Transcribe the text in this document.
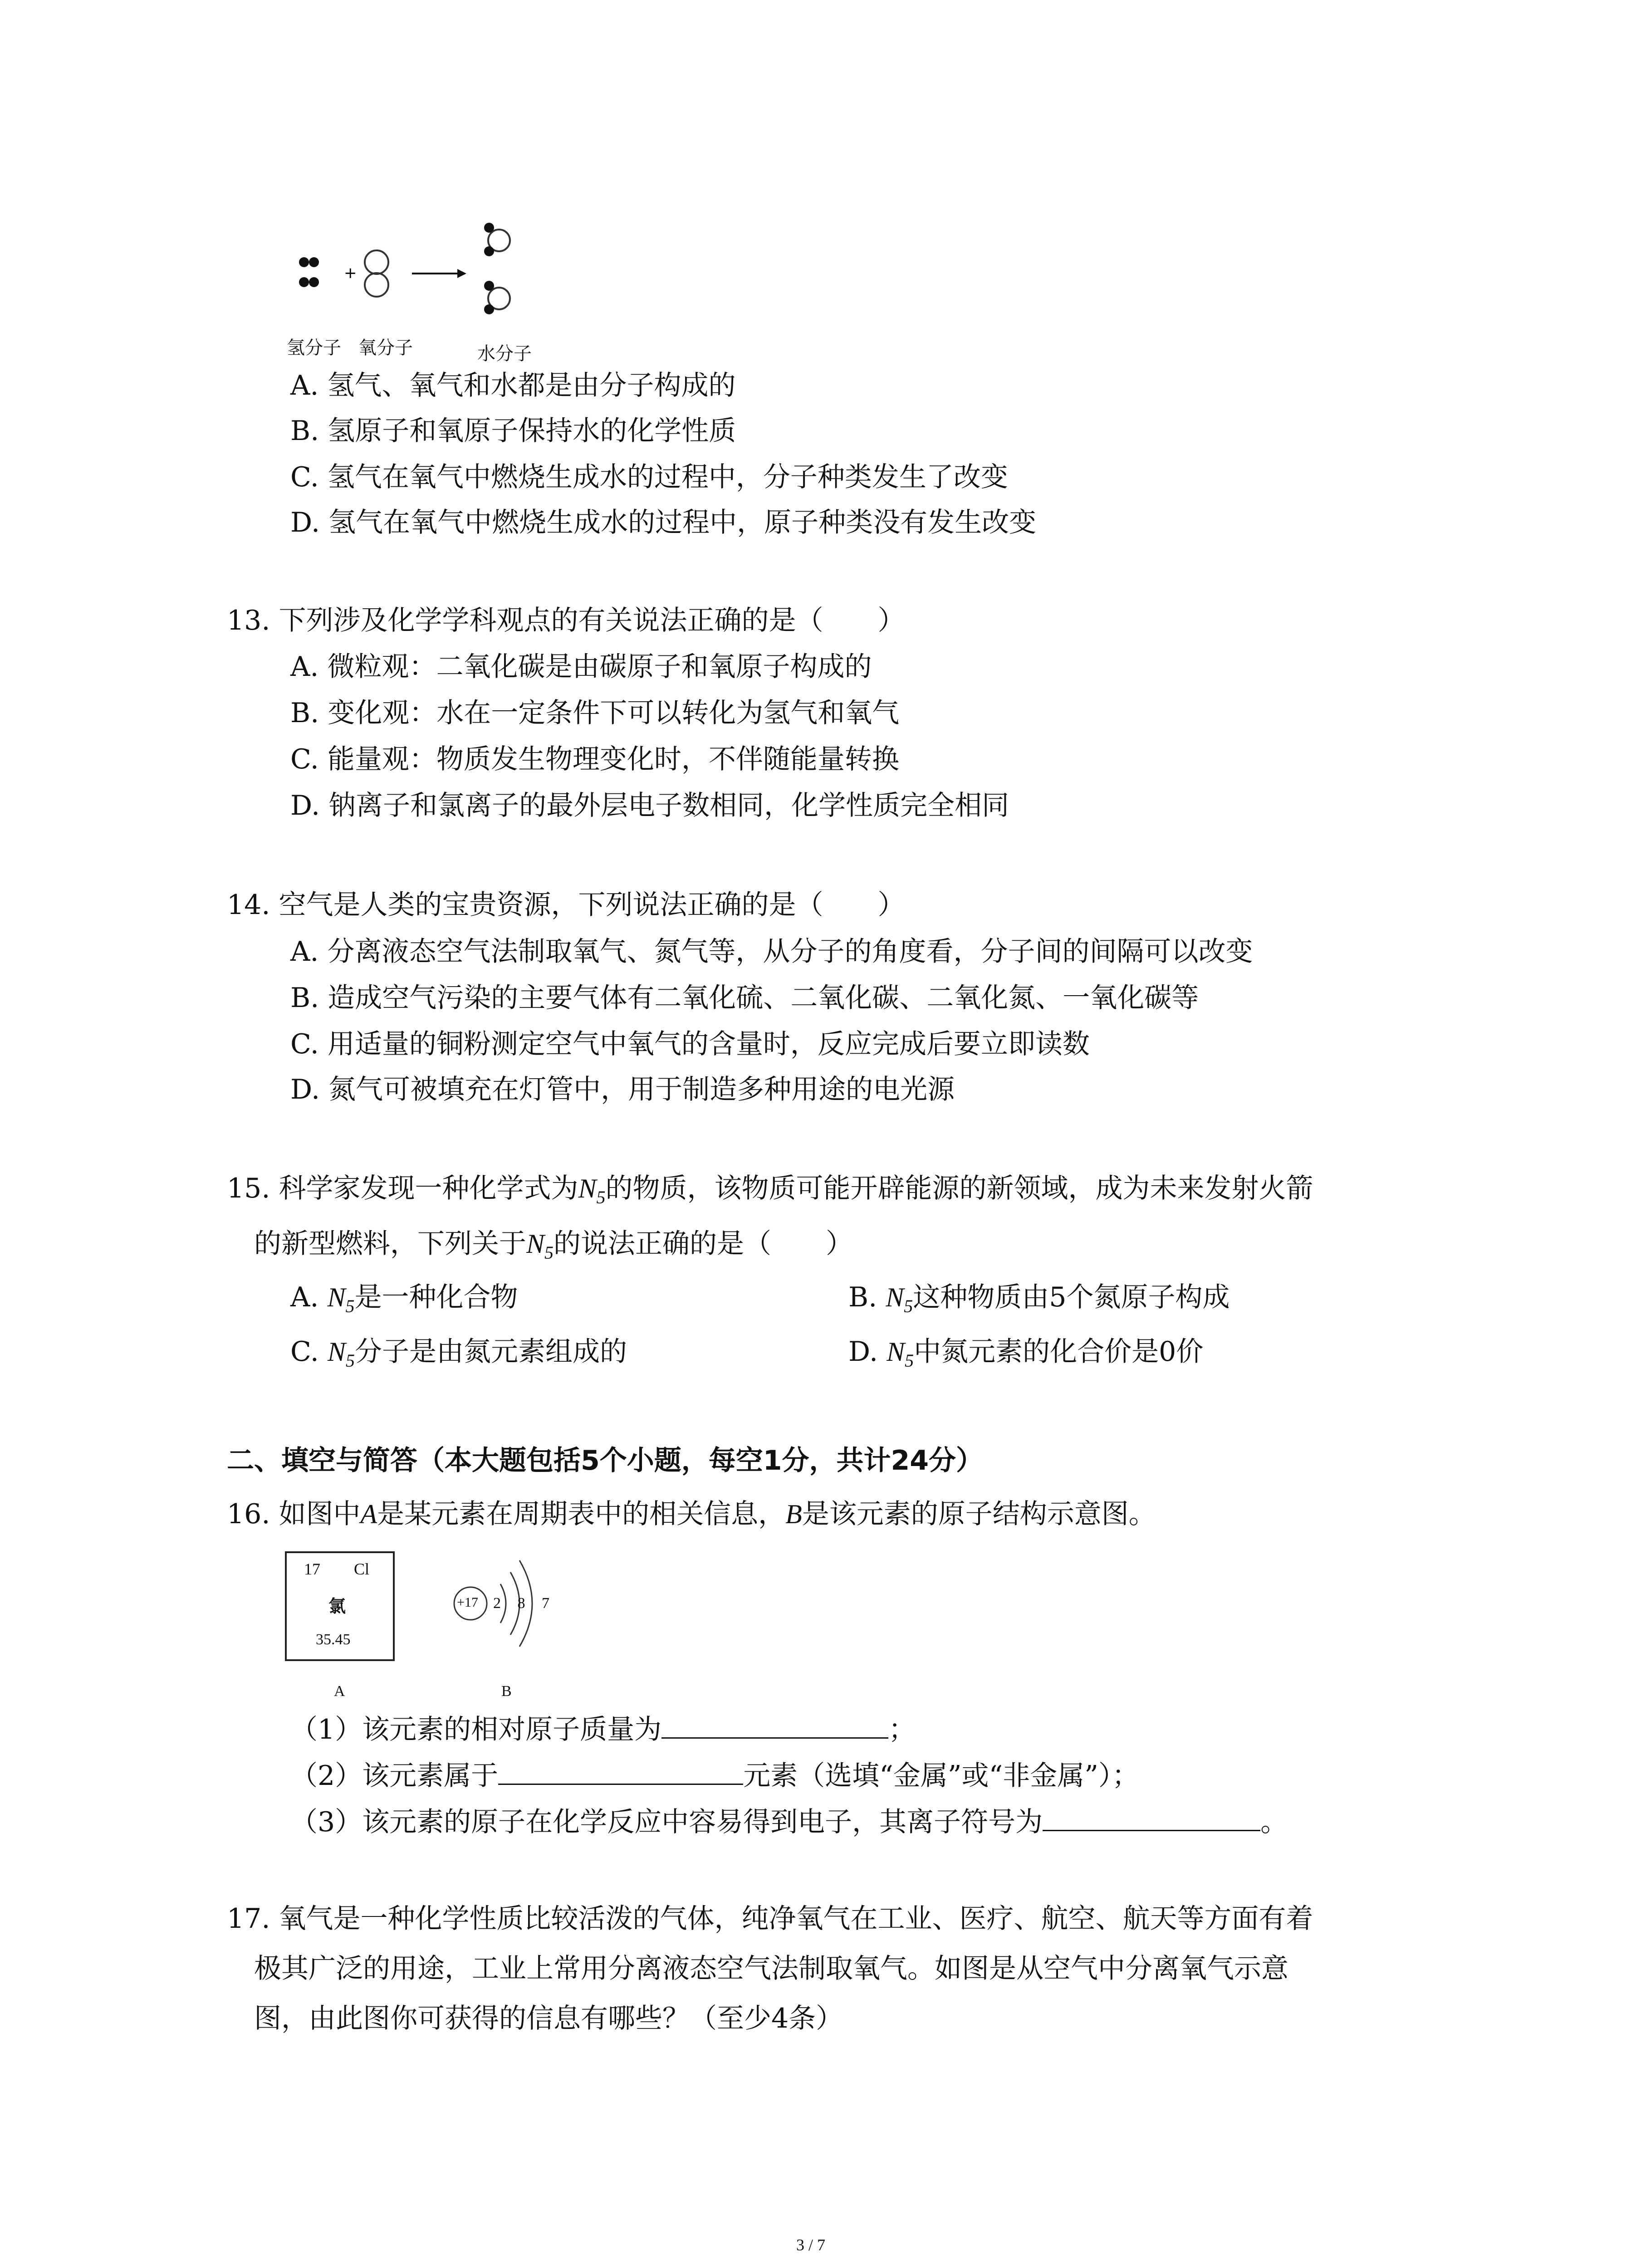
+
氢分子 氧分子	水分子
A. 氢气、氧气和水都是由分子构成的
B. 氢原子和氧原子保持水的化学性质
C. 氢气在氧气中燃烧生成水的过程中，分子种类发生了改变
D. 氢气在氧气中燃烧生成水的过程中，原子种类没有发生改变
13. 下列涉及化学学科观点的有关说法正确的是（　　）
A. 微粒观：二氧化碳是由碳原子和氧原子构成的
B. 变化观：水在一定条件下可以转化为氢气和氧气
C. 能量观：物质发生物理变化时，不伴随能量转换
D. 钠离子和氯离子的最外层电子数相同，化学性质完全相同
14. 空气是人类的宝贵资源，下列说法正确的是（　　）
A. 分离液态空气法制取氧气、氮气等，从分子的角度看，分子间的间隔可以改变
B. 造成空气污染的主要气体有二氧化硫、二氧化碳、二氧化氮、一氧化碳等
C. 用适量的铜粉测定空气中氧气的含量时，反应完成后要立即读数
D. 氮气可被填充在灯管中，用于制造多种用途的电光源
15. 科学家发现一种化学式为$N_5$的物质，该物质可能开辟能源的新领域，成为未来发射火箭
的新型燃料，下列关于$N_5$的说法正确的是（　　）
A. $N_5$是一种化合物	B. $N_5$这种物质由5个氮原子构成
C. $N_5$分子是由氮元素组成的	D. $N_5$中氮元素的化合价是0价
二、填空与简答（本大题包括5个小题，每空1分，共计24分）
16. 如图中A是某元素在周期表中的相关信息，B是该元素的原子结构示意图。
17 Cl
氯
35.45
A
+17 2 8 7
B
（1）该元素的相对原子质量为	；
（2）该元素属于	元素（选填“金属”或“非金属”）；
（3）该元素的原子在化学反应中容易得到电子，其离子符号为	。
17. 氧气是一种化学性质比较活泼的气体，纯净氧气在工业、医疗、航空、航天等方面有着
极其广泛的用途，工业上常用分离液态空气法制取氧气。如图是从空气中分离氧气示意
图，由此图你可获得的信息有哪些？（至少4条）
3 / 7
